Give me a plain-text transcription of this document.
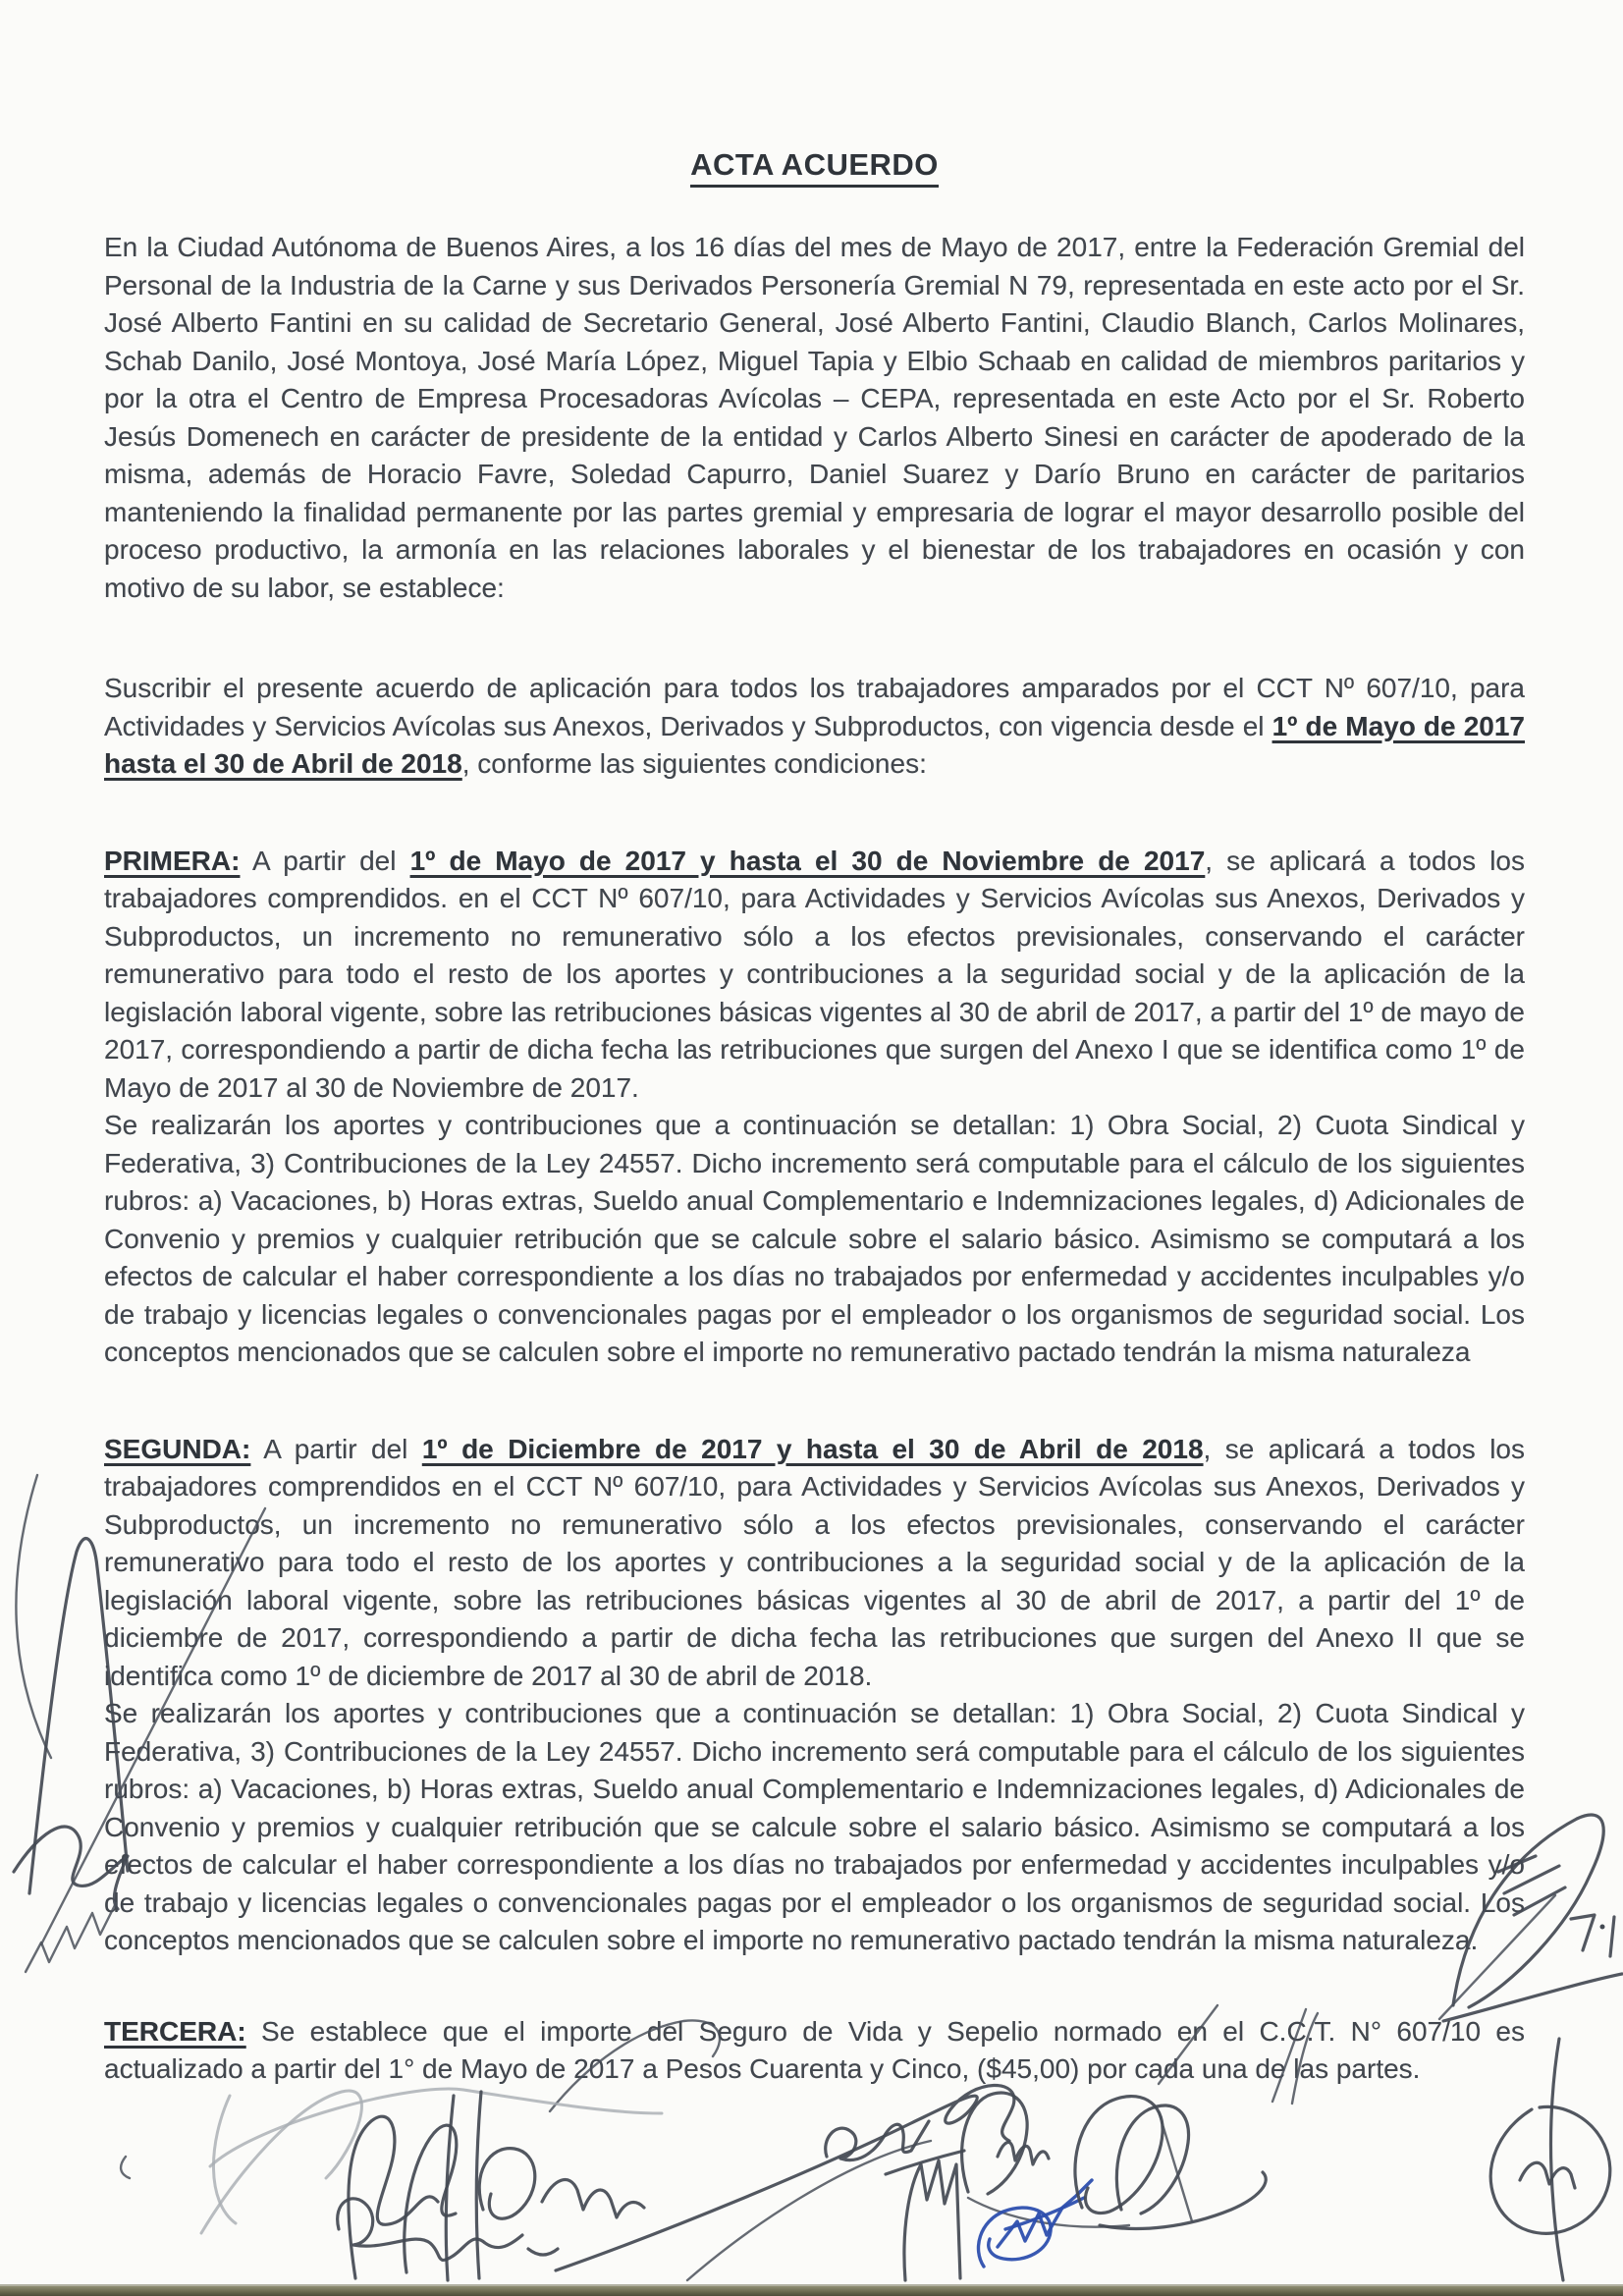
ACTA ACUERDO

En la Ciudad Autónoma de Buenos Aires, a los 16 días del mes de Mayo de 2017, entre la Federación Gremial del Personal de la Industria de la Carne y sus Derivados Personería Gremial N 79, representada en este acto por el Sr. José Alberto Fantini en su calidad de Secretario General, José Alberto Fantini, Claudio Blanch, Carlos Molinares, Schab Danilo, José Montoya, José María López, Miguel Tapia y Elbio Schaab en calidad de miembros paritarios y por la otra el Centro de Empresa Procesadoras Avícolas – CEPA, representada en este Acto por el Sr. Roberto Jesús Domenech en carácter de presidente de la entidad y Carlos Alberto Sinesi en carácter de apoderado de la misma, además de Horacio Favre, Soledad Capurro, Daniel Suarez y Darío Bruno en carácter de paritarios manteniendo la finalidad permanente por las partes gremial y empresaria de lograr el mayor desarrollo posible del proceso productivo, la armonía en las relaciones laborales y el bienestar de los trabajadores en ocasión y con motivo de su labor, se establece:

Suscribir el presente acuerdo de aplicación para todos los trabajadores amparados por el CCT Nº 607/10, para Actividades y Servicios Avícolas sus Anexos, Derivados y Subproductos, con vigencia desde el 1º de Mayo de 2017 hasta el 30 de Abril de 2018, conforme las siguientes condiciones:

PRIMERA: A partir del 1º de Mayo de 2017 y hasta el 30 de Noviembre de 2017, se aplicará a todos los trabajadores comprendidos. en el CCT Nº 607/10, para Actividades y Servicios Avícolas sus Anexos, Derivados y Subproductos, un incremento no remunerativo sólo a los efectos previsionales, conservando el carácter remunerativo para todo el resto de los aportes y contribuciones a la seguridad social y de la aplicación de la legislación laboral vigente, sobre las retribuciones básicas vigentes al 30 de abril de 2017, a partir del 1º de mayo de 2017, correspondiendo a partir de dicha fecha las retribuciones que surgen del Anexo I que se identifica como 1º de Mayo de 2017 al 30 de Noviembre de 2017.

Se realizarán los aportes y contribuciones que a continuación se detallan: 1) Obra Social, 2) Cuota Sindical y Federativa, 3) Contribuciones de la Ley 24557. Dicho incremento será computable para el cálculo de los siguientes rubros: a) Vacaciones, b) Horas extras, Sueldo anual Complementario e Indemnizaciones legales, d) Adicionales de Convenio y premios y cualquier retribución que se calcule sobre el salario básico. Asimismo se computará a los efectos de calcular el haber correspondiente a los días no trabajados por enfermedad y accidentes inculpables y/o de trabajo y licencias legales o convencionales pagas por el empleador o los organismos de seguridad social. Los conceptos mencionados que se calculen sobre el importe no remunerativo pactado tendrán la misma naturaleza

SEGUNDA: A partir del 1º de Diciembre de 2017 y hasta el 30 de Abril de 2018, se aplicará a todos los trabajadores comprendidos en el CCT Nº 607/10, para Actividades y Servicios Avícolas sus Anexos, Derivados y Subproductos, un incremento no remunerativo sólo a los efectos previsionales, conservando el carácter remunerativo para todo el resto de los aportes y contribuciones a la seguridad social y de la aplicación de la legislación laboral vigente, sobre las retribuciones básicas vigentes al 30 de abril de 2017, a partir del 1º de diciembre de 2017, correspondiendo a partir de dicha fecha las retribuciones que surgen del Anexo II que se identifica como 1º de diciembre de 2017 al 30 de abril de 2018.

Se realizarán los aportes y contribuciones que a continuación se detallan: 1) Obra Social, 2) Cuota Sindical y Federativa, 3) Contribuciones de la Ley 24557. Dicho incremento será computable para el cálculo de los siguientes rubros: a) Vacaciones, b) Horas extras, Sueldo anual Complementario e Indemnizaciones legales, d) Adicionales de Convenio y premios y cualquier retribución que se calcule sobre el salario básico. Asimismo se computará a los efectos de calcular el haber correspondiente a los días no trabajados por enfermedad y accidentes inculpables y/o de trabajo y licencias legales o convencionales pagas por el empleador o los organismos de seguridad social. Los conceptos mencionados que se calculen sobre el importe no remunerativo pactado tendrán la misma naturaleza.

TERCERA: Se establece que el importe del Seguro de Vida y Sepelio normado en el C.C.T. N° 607/10 es actualizado a partir del 1° de Mayo de 2017 a Pesos Cuarenta y Cinco, ($45,00) por cada una de las partes.
